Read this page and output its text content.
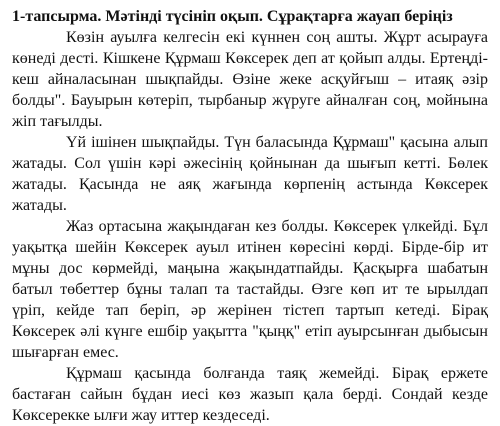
1-тапсырма. Мәтінді түсініп оқып. Сұрақтарға жауап беріңіз

Көзін ауылға келгесін екі күннен соң ашты. Жұрт асырауға көнеді десті. Кішкене Құрмаш Көксерек деп ат қойып алды. Ертеңді-кеш айналасынан шықпайды. Өзіне жеке асқуйғыш – итаяқ әзір болды". Бауырын көтеріп, тырбаныр жүруге айналған соң, мойнына жіп тағылды.

Үй ішінен шықпайды. Түн баласында Құрмаш" қасына алып жатады. Сол үшін кәрі әжесінің қойнынан да шығып кетті. Бөлек жатады. Қасында не аяқ жағында көрпенің астында Көксерек жатады.

Жаз ортасына жақындаған кез болды. Көксерек үлкейді. Бұл уақытқа шейін Көксерек ауыл итінен көресіні көрді. Бірде-бір ит мұны дос көрмейді, маңына жақындатпайды. Қасқырға шабатын батыл төбеттер бұны талап та тастайды. Өзге көп ит те ырылдап үріп, кейде тап беріп, әр жерінен тістеп тартып кетеді. Бірақ Көксерек әлі күнге ешбір уақытта "қыңқ" етіп ауырсынған дыбысын шығарған емес.

Құрмаш қасында болғанда таяқ жемейді. Бірақ ержете бастаған сайын бұдан иесі көз жазып қала берді. Сондай кезде Көксерекке ылғи жау иттер кездеседі.
